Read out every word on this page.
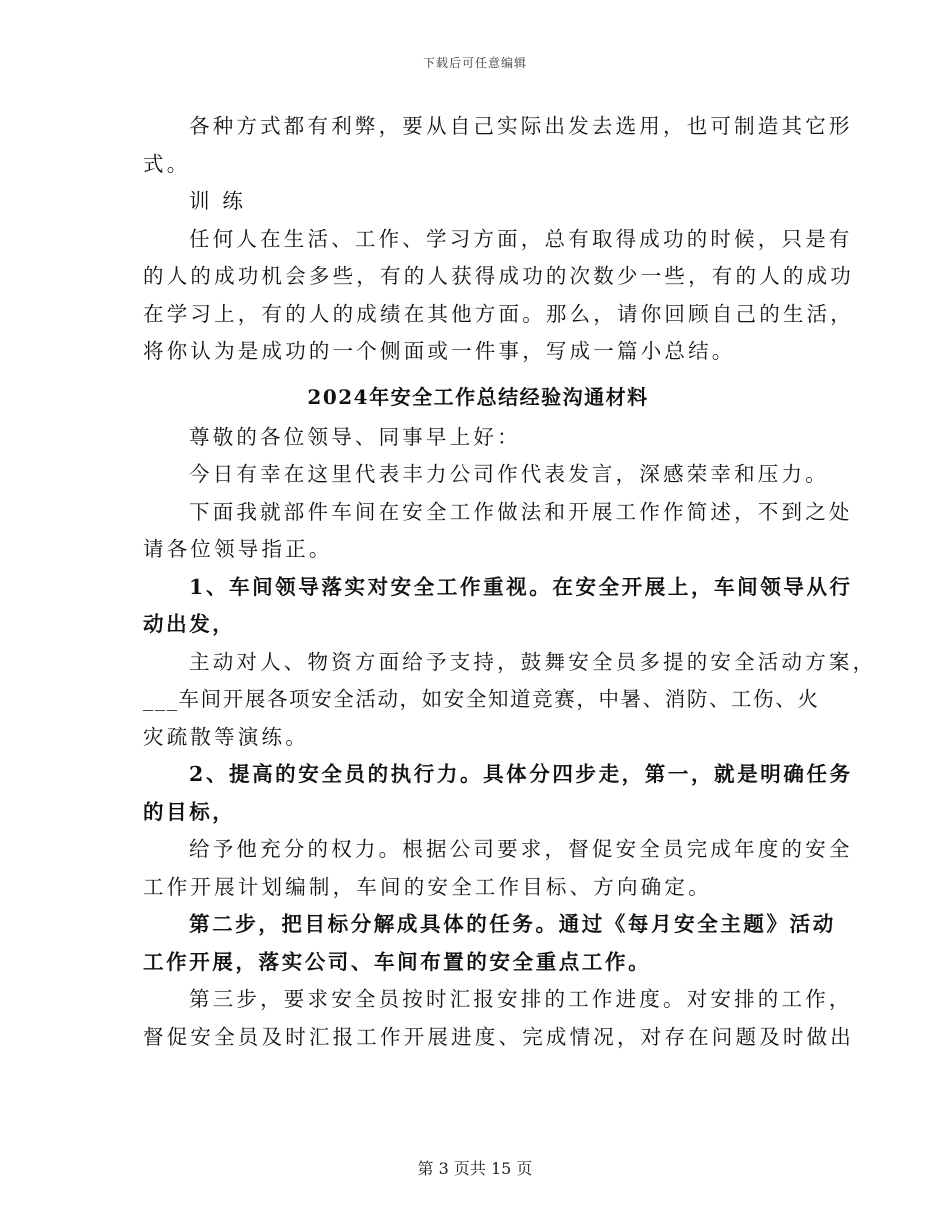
下载后可任意编辑
各种方式都有利弊，要从自己实际出发去选用，也可制造其它形
式。
训 练
任何人在生活、工作、学习方面，总有取得成功的时候，只是有
的人的成功机会多些，有的人获得成功的次数少一些，有的人的成功
在学习上，有的人的成绩在其他方面。那么，请你回顾自己的生活，
将你认为是成功的一个侧面或一件事，写成一篇小总结。
2024年安全工作总结经验沟通材料
尊敬的各位领导、同事早上好：
今日有幸在这里代表丰力公司作代表发言，深感荣幸和压力。
下面我就部件车间在安全工作做法和开展工作作简述，不到之处
请各位领导指正。
1、车间领导落实对安全工作重视。在安全开展上，车间领导从行
动出发，
主动对人、物资方面给予支持，鼓舞安全员多提的安全活动方案，
___车间开展各项安全活动，如安全知道竞赛，中暑、消防、工伤、火
灾疏散等演练。
2、提高的安全员的执行力。具体分四步走，第一，就是明确任务
的目标，
给予他充分的权力。根据公司要求，督促安全员完成年度的安全
工作开展计划编制，车间的安全工作目标、方向确定。
第二步，把目标分解成具体的任务。通过《每月安全主题》活动
工作开展，落实公司、车间布置的安全重点工作。
第三步，要求安全员按时汇报安排的工作进度。对安排的工作，
督促安全员及时汇报工作开展进度、完成情况，对存在问题及时做出
第 3 页共 15 页
